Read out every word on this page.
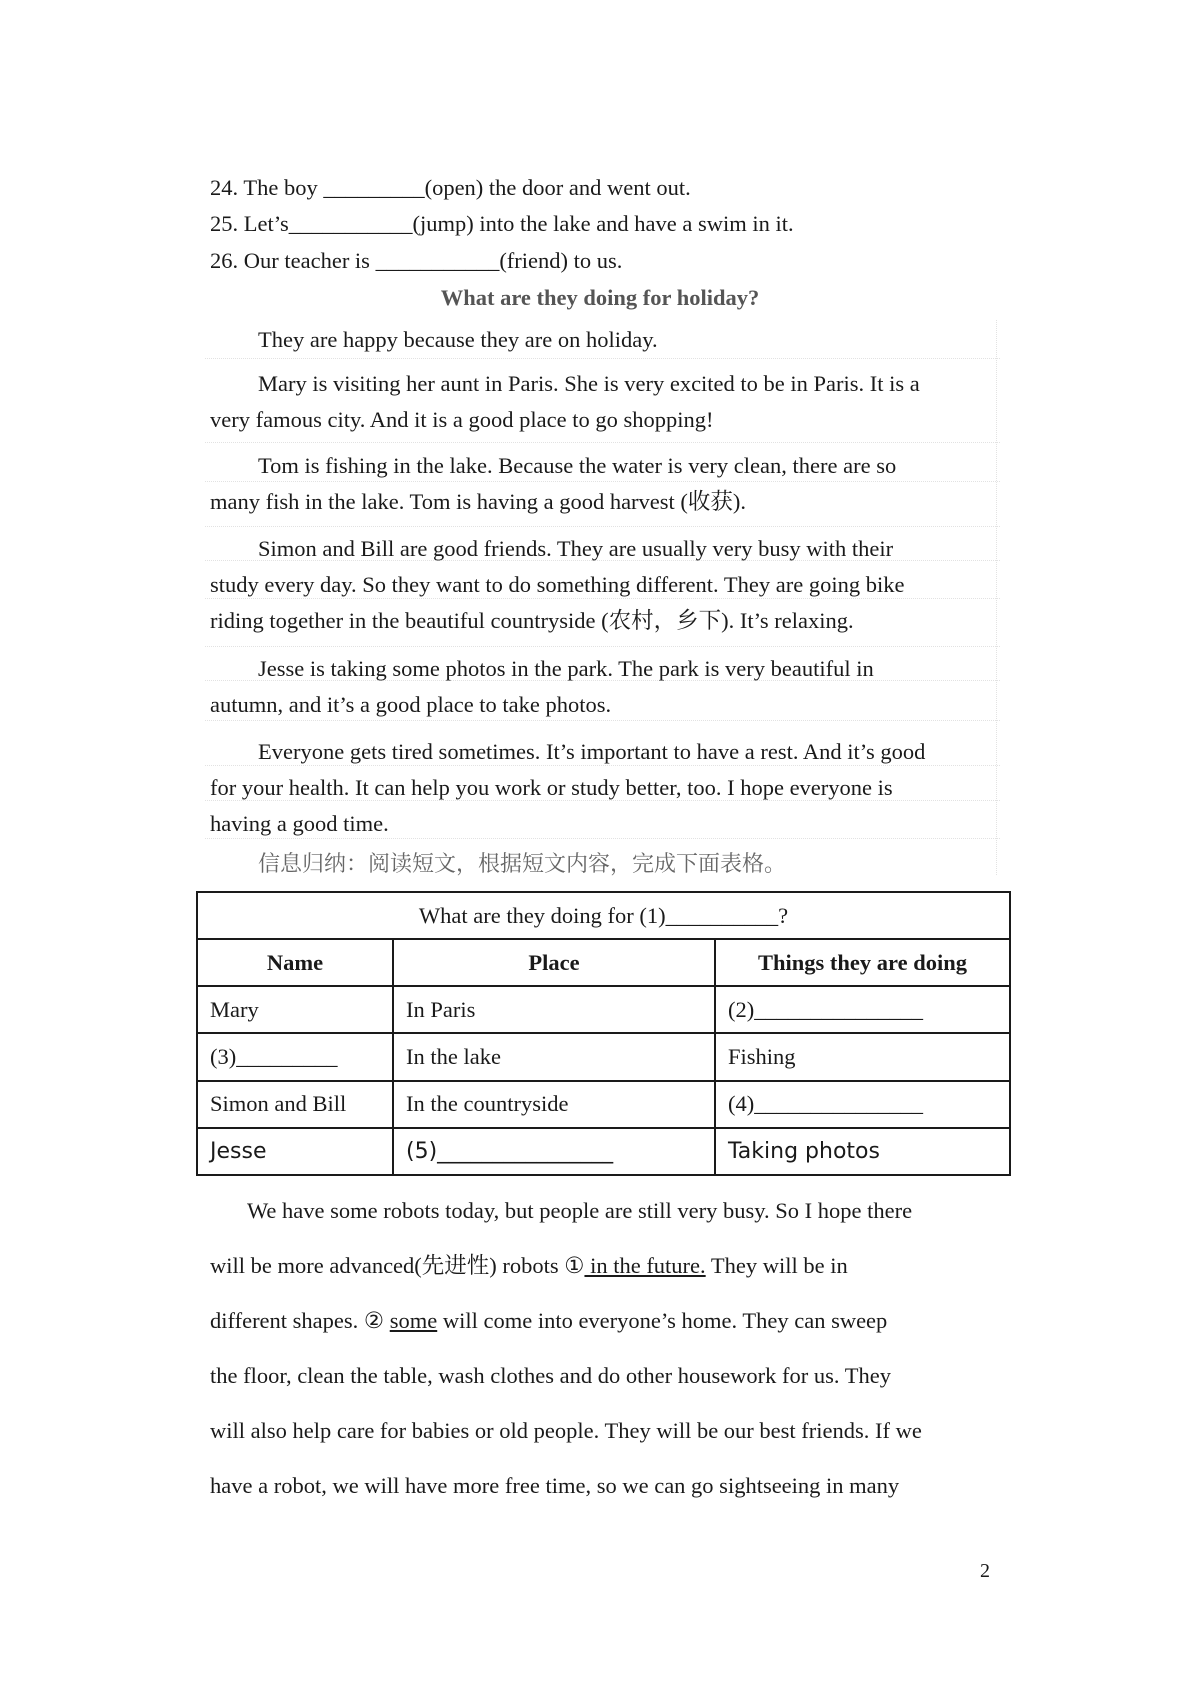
24. The boy _________(open) the door and went out.
25. Let’s___________(jump) into the lake and have a swim in it.
26. Our teacher is ___________(friend) to us.
What are they doing for holiday?
They are happy because they are on holiday.
Mary is visiting her aunt in Paris. She is very excited to be in Paris. It is a
very famous city. And it is a good place to go shopping!
Tom is fishing in the lake. Because the water is very clean, there are so
many fish in the lake. Tom is having a good harvest (收获).
Simon and Bill are good friends. They are usually very busy with their
study every day. So they want to do something different. They are going bike
riding together in the beautiful countryside (农村，乡下). It’s relaxing.
Jesse is taking some photos in the park. The park is very beautiful in
autumn, and it’s a good place to take photos.
Everyone gets tired sometimes. It’s important to have a rest. And it’s good
for your health. It can help you work or study better, too. I hope everyone is
having a good time.
信息归纳：阅读短文，根据短文内容，完成下面表格。
What are they doing for (1)__________?		
Name	Place	Things they are doing
Mary	In Paris	(2)_______________
(3)_________	In the lake	Fishing
Simon and Bill	In the countryside	(4)_______________
Jesse	(5)________________	Taking photos
We have some robots today, but people are still very busy. So I hope there
will be more advanced(先进性) robots ① in the future. They will be in
different shapes. ② some will come into everyone’s home. They can sweep
the floor, clean the table, wash clothes and do other housework for us. They
will also help care for babies or old people. They will be our best friends. If we
have a robot, we will have more free time, so we can go sightseeing in many
2
